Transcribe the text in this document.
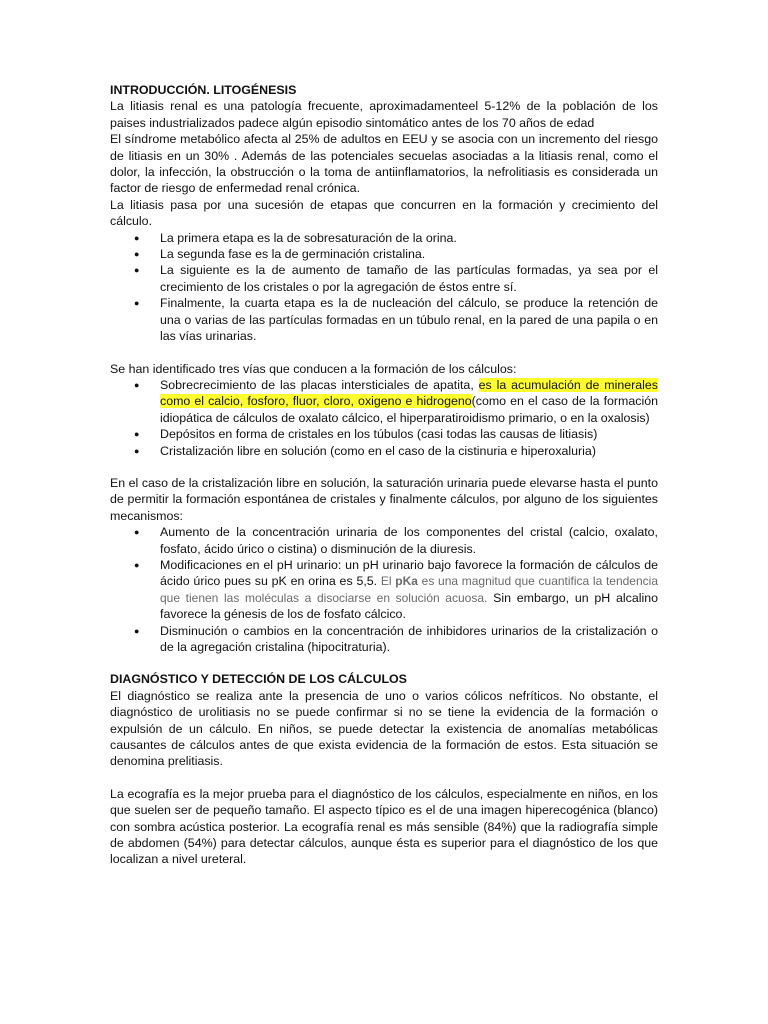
INTRODUCCIÓN. LITOGÉNESIS

La litiasis renal es una patología frecuente, aproximadamenteel 5-12% de la población de los paises industrializados padece algún episodio sintomático antes de los 70 años de edad

El síndrome metabólico afecta al 25% de adultos en EEU y se asocia con un incremento del riesgo de litiasis en un 30% . Además de las potenciales secuelas asociadas a la litiasis renal, como el dolor, la infección, la obstrucción o la toma de antiinflamatorios, la nefrolitiasis es considerada un factor de riesgo de enfermedad renal crónica.

La litiasis pasa por una sucesión de etapas que concurren en la formación y crecimiento del cálculo.

● La primera etapa es la de sobresaturación de la orina.
● La segunda fase es la de germinación cristalina.
● La siguiente es la de aumento de tamaño de las partículas formadas, ya sea por el crecimiento de los cristales o por la agregación de éstos entre sí.
● Finalmente, la cuarta etapa es la de nucleación del cálculo, se produce la retención de una o varias de las partículas formadas en un túbulo renal, en la pared de una papila o en las vías urinarias.

Se han identificado tres vías que conducen a la formación de los cálculos:

● Sobrecrecimiento de las placas intersticiales de apatita, es la acumulación de minerales como el calcio, fosforo, fluor, cloro, oxigeno e hidrogeno(como en el caso de la formación idiopática de cálculos de oxalato cálcico, el hiperparatiroidismo primario, o en la oxalosis)
● Depósitos en forma de cristales en los túbulos (casi todas las causas de litiasis)
● Cristalización libre en solución (como en el caso de la cistinuria e hiperoxaluria)

En el caso de la cristalización libre en solución, la saturación urinaria puede elevarse hasta el punto de permitir la formación espontánea de cristales y finalmente cálculos, por alguno de los siguientes mecanismos:

● Aumento de la concentración urinaria de los componentes del cristal (calcio, oxalato, fosfato, ácido úrico o cistina) o disminución de la diuresis.
● Modificaciones en el pH urinario: un pH urinario bajo favorece la formación de cálculos de ácido úrico pues su pK en orina es 5,5. El pKa es una magnitud que cuantifica la tendencia que tienen las moléculas a disociarse en solución acuosa. Sin embargo, un pH alcalino favorece la génesis de los de fosfato cálcico.
● Disminución o cambios en la concentración de inhibidores urinarios de la cristalización o de la agregación cristalina (hipocitraturia).
DIAGNÓSTICO Y DETECCIÓN DE LOS CÁLCULOS

El diagnóstico se realiza ante la presencia de uno o varios cólicos nefríticos. No obstante, el diagnóstico de urolitiasis no se puede confirmar si no se tiene la evidencia de la formación o expulsión de un cálculo. En niños, se puede detectar la existencia de anomalías metabólicas causantes de cálculos antes de que exista evidencia de la formación de estos. Esta situación se denomina prelitiasis.

La ecografía es la mejor prueba para el diagnóstico de los cálculos, especialmente en niños, en los que suelen ser de pequeño tamaño. El aspecto típico es el de una imagen hiperecogénica (blanco) con sombra acústica posterior. La ecografía renal es más sensible (84%) que la radiografía simple de abdomen (54%) para detectar cálculos, aunque ésta es superior para el diagnóstico de los que localizan a nivel ureteral.
